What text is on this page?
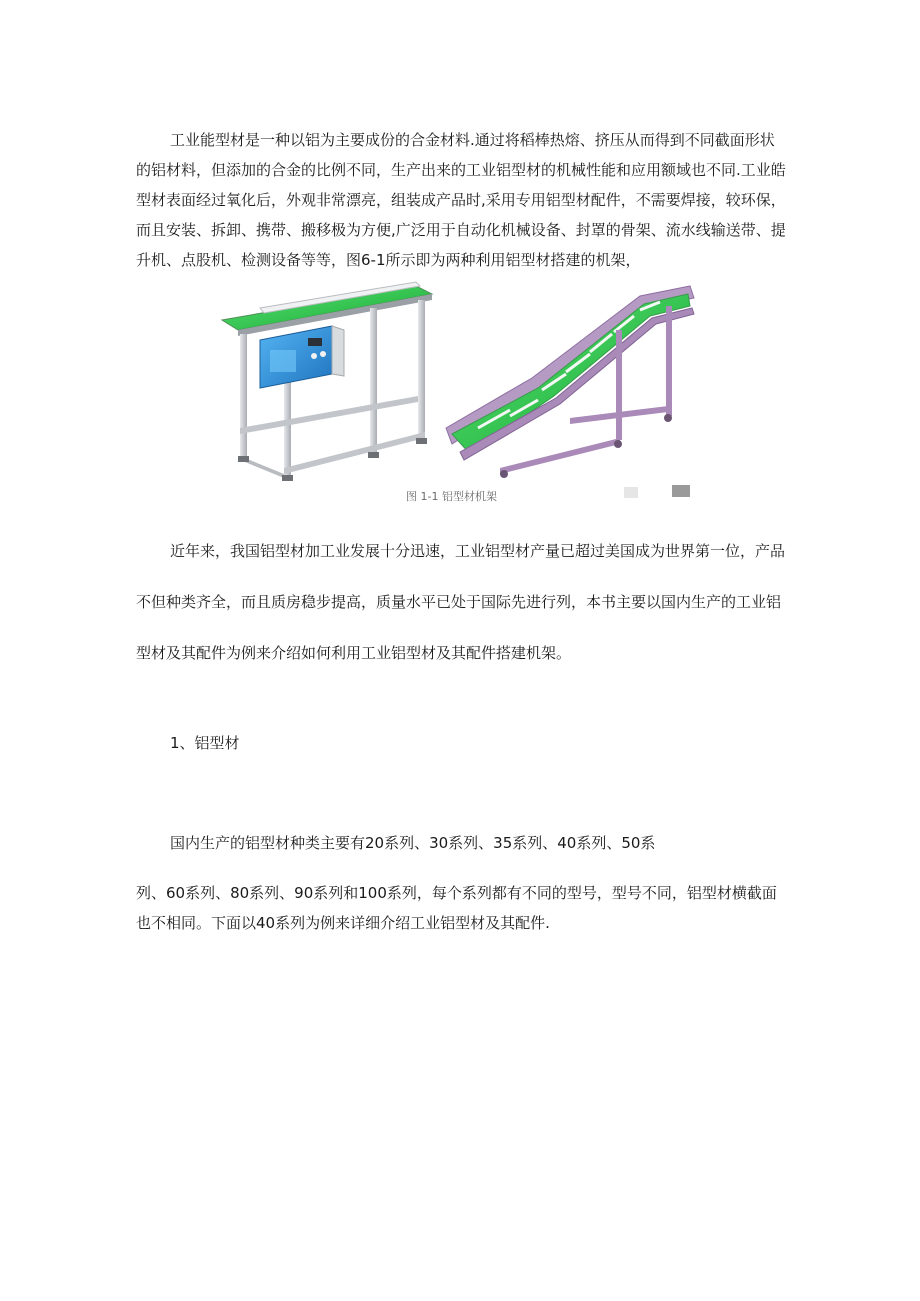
工业能型材是一种以铝为主要成份的合金材料.通过将稻棒热熔、挤压从而得到不同截面形状的铝材料，但添加的合金的比例不同，生产出来的工业铝型材的机械性能和应用额域也不同.工业皓型材表面经过氧化后，外观非常漂亮，组装成产品时,采用专用铝型材配件，不需要焊接，较环保，而且安装、拆卸、携带、搬移极为方便,广泛用于自动化机械设备、封罩的骨架、流水线输送带、提升机、点股机、检测设备等等，图6-1所示即为两种利用铝型材搭建的机架，

图 1-1 铝型材机架

近年来，我国铝型材加工业发展十分迅速，工业铝型材产量已超过美国成为世界第一位，产品不但种类齐全，而且质房稳步提高，质量水平已处于国际先进行列，本书主要以国内生产的工业铝型材及其配件为例来介绍如何利用工业铝型材及其配件搭建机架。

1、铝型材

国内生产的铝型材种类主要有20系列、30系列、35系列、40系列、50系
列、60系列、80系列、90系列和100系列，每个系列都有不同的型号，型号不同，铝型材横截面也不相同。下面以40系列为例来详细介绍工业铝型材及其配件.
